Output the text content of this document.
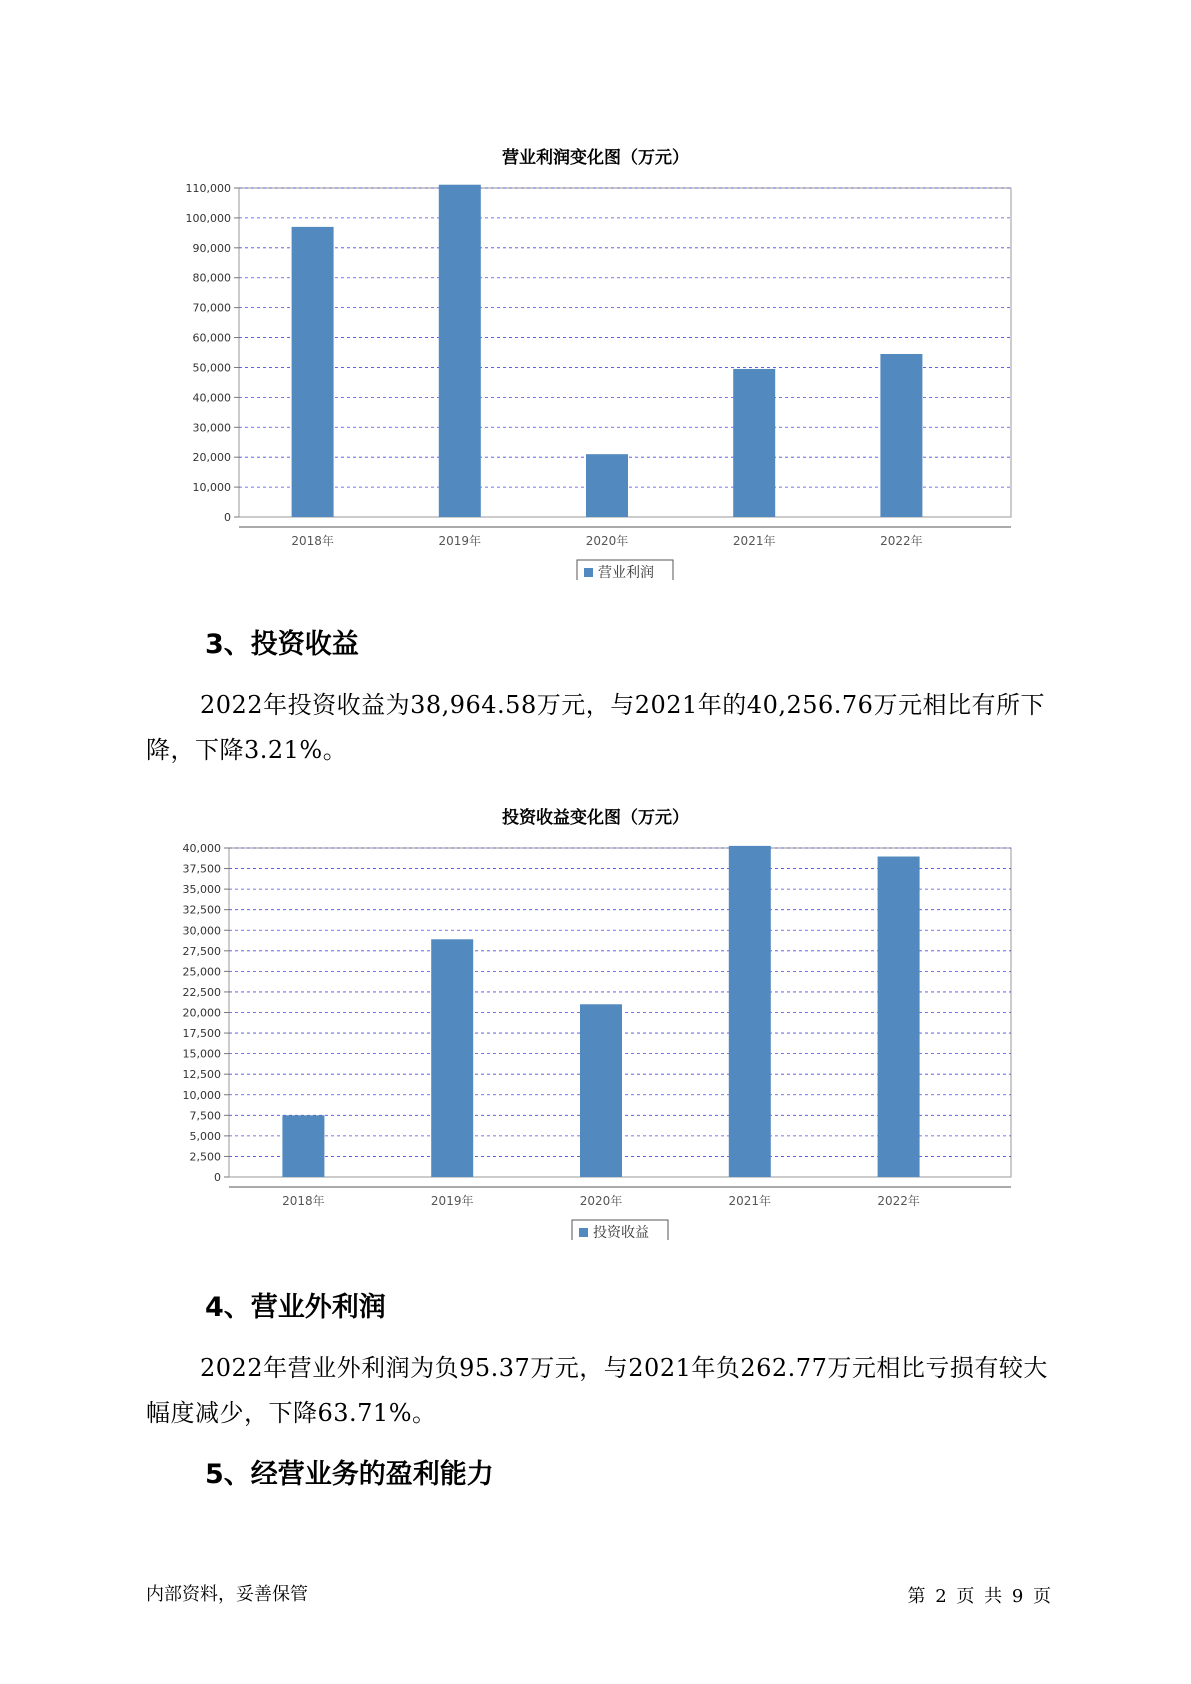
营业利润变化图（万元）
0
10,000
20,000
30,000
40,000
50,000
60,000
70,000
80,000
90,000
100,000
110,000
2018年	2019年	2020年	2021年	2022年
营业利润
3、投资收益
2022年投资收益为38,964.58万元，与2021年的40,256.76万元相比有所下降，下降3.21%。
投资收益变化图（万元）
0
2,500
5,000
7,500
10,000
12,500
15,000
17,500
20,000
22,500
25,000
27,500
30,000
32,500
35,000
37,500
40,000
2018年	2019年	2020年	2021年	2022年
投资收益
4、营业外利润
2022年营业外利润为负95.37万元，与2021年负262.77万元相比亏损有较大幅度减少，下降63.71%。
5、经营业务的盈利能力
内部资料，妥善保管	第 2 页 共 9 页
